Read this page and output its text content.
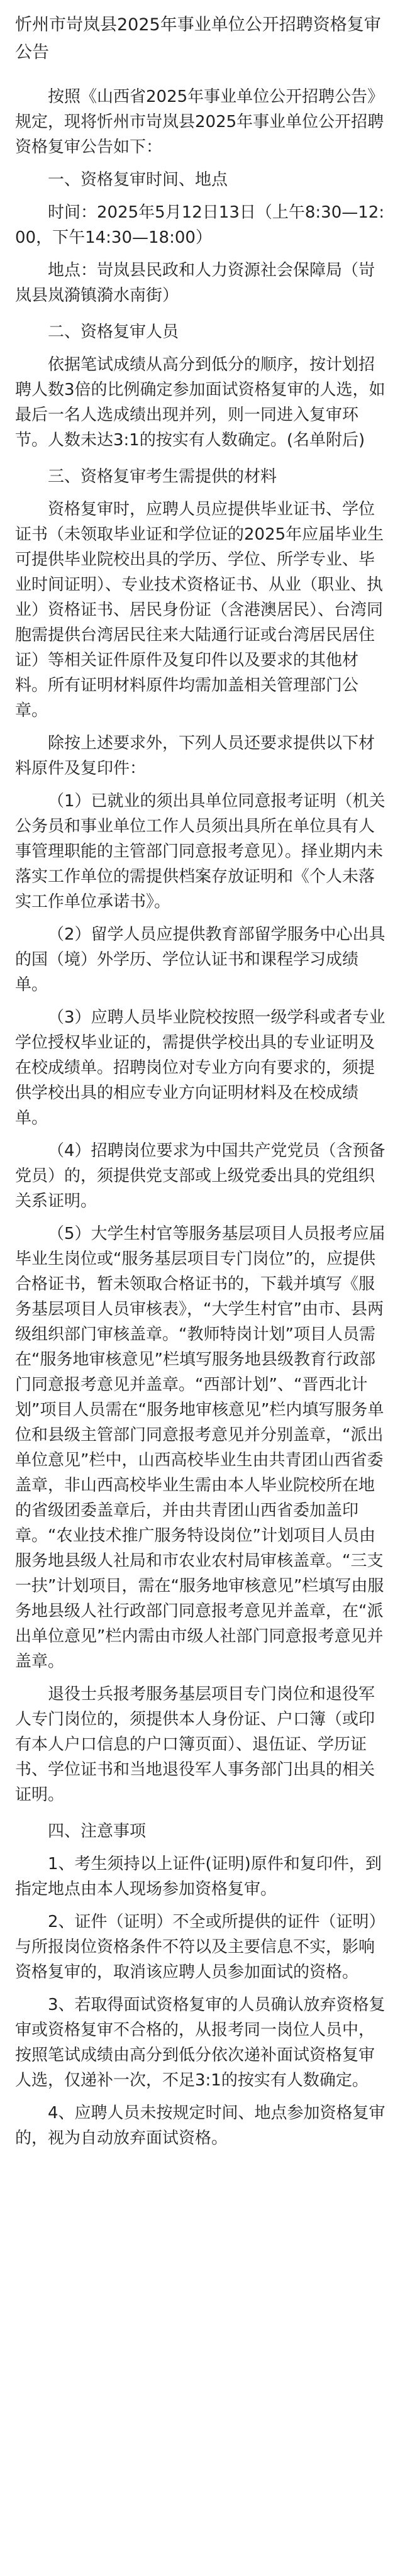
忻州市岢岚县2025年事业单位公开招聘资格复审公告

按照《山西省2025年事业单位公开招聘公告》规定，现将忻州市岢岚县2025年事业单位公开招聘资格复审公告如下：

一、资格复审时间、地点

时间：2025年5月12日13日（上午8:30—12:00，下午14:30—18:00）

地点：岢岚县民政和人力资源社会保障局（岢岚县岚漪镇漪水南街）

二、资格复审人员

依据笔试成绩从高分到低分的顺序，按计划招聘人数3倍的比例确定参加面试资格复审的人选，如最后一名人选成绩出现并列，则一同进入复审环节。人数未达3:1的按实有人数确定。(名单附后)

三、资格复审考生需提供的材料

资格复审时，应聘人员应提供毕业证书、学位证书（未领取毕业证和学位证的2025年应届毕业生可提供毕业院校出具的学历、学位、所学专业、毕业时间证明）、专业技术资格证书、从业（职业、执业）资格证书、居民身份证（含港澳居民）、台湾同胞需提供台湾居民往来大陆通行证或台湾居民居住证）等相关证件原件及复印件以及要求的其他材料。所有证明材料原件均需加盖相关管理部门公章。

除按上述要求外，下列人员还要求提供以下材料原件及复印件：

（1）已就业的须出具单位同意报考证明（机关公务员和事业单位工作人员须出具所在单位具有人事管理职能的主管部门同意报考意见）。择业期内未落实工作单位的需提供档案存放证明和《个人未落实工作单位承诺书》。

（2）留学人员应提供教育部留学服务中心出具的国（境）外学历、学位认证书和课程学习成绩单。

（3）应聘人员毕业院校按照一级学科或者专业学位授权毕业证的，需提供学校出具的专业证明及在校成绩单。招聘岗位对专业方向有要求的，须提供学校出具的相应专业方向证明材料及在校成绩单。

（4）招聘岗位要求为中国共产党党员（含预备党员）的，须提供党支部或上级党委出具的党组织关系证明。

（5）大学生村官等服务基层项目人员报考应届毕业生岗位或“服务基层项目专门岗位”的，应提供合格证书，暂未领取合格证书的，下载并填写《服务基层项目人员审核表》，“大学生村官”由市、县两级组织部门审核盖章。“教师特岗计划”项目人员需在“服务地审核意见”栏填写服务地县级教育行政部门同意报考意见并盖章。“西部计划”、“晋西北计划”项目人员需在“服务地审核意见”栏内填写服务单位和县级主管部门同意报考意见并分别盖章，“派出单位意见”栏中，山西高校毕业生由共青团山西省委盖章，非山西高校毕业生需由本人毕业院校所在地的省级团委盖章后，并由共青团山西省委加盖印章。“农业技术推广服务特设岗位”计划项目人员由服务地县级人社局和市农业农村局审核盖章。“三支一扶”计划项目，需在“服务地审核意见”栏填写由服务地县级人社行政部门同意报考意见并盖章，在“派出单位意见”栏内需由市级人社部门同意报考意见并盖章。

退役士兵报考服务基层项目专门岗位和退役军人专门岗位的，须提供本人身份证、户口簿（或印有本人户口信息的户口簿页面）、退伍证、学历证书、学位证书和当地退役军人事务部门出具的相关证明。

四、注意事项

1、考生须持以上证件(证明)原件和复印件，到指定地点由本人现场参加资格复审。

2、证件（证明）不全或所提供的证件（证明）与所报岗位资格条件不符以及主要信息不实，影响资格复审的，取消该应聘人员参加面试的资格。

3、若取得面试资格复审的人员确认放弃资格复审或资格复审不合格的，从报考同一岗位人员中，按照笔试成绩由高分到低分依次递补面试资格复审人选，仅递补一次，不足3:1的按实有人数确定。

4、应聘人员未按规定时间、地点参加资格复审的，视为自动放弃面试资格。
